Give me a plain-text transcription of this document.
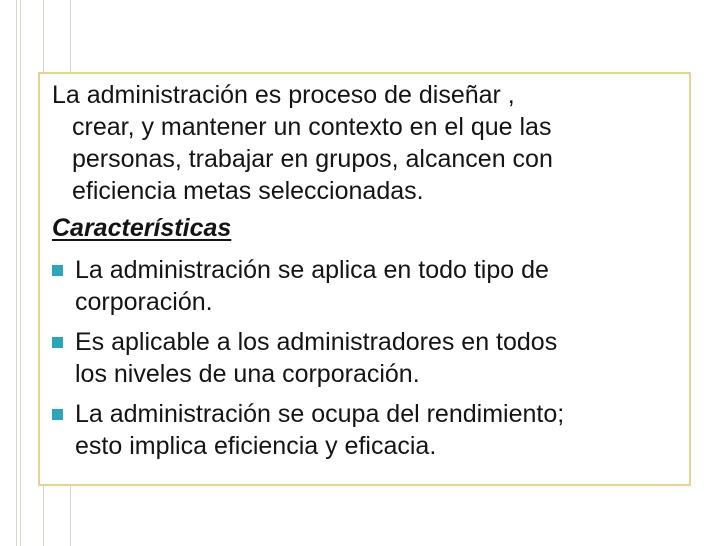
La administración es proceso de diseñar ,
crear, y mantener un contexto en el que las
personas, trabajar en grupos, alcancen con
eficiencia metas seleccionadas.
Características
La administración se aplica en todo tipo de
corporación.
Es aplicable a los administradores en todos
los niveles de una corporación.
La administración se ocupa del rendimiento;
esto implica eficiencia y eficacia.
